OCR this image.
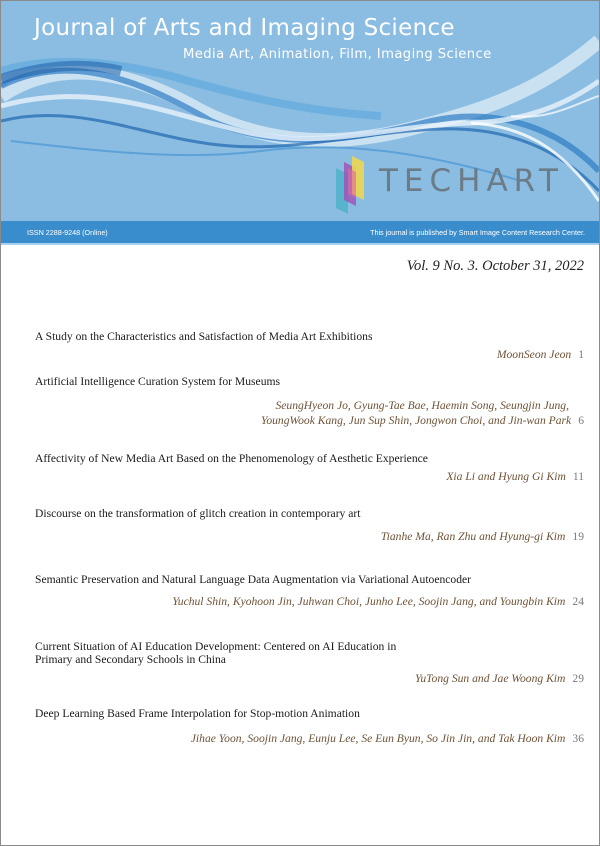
Journal of Arts and Imaging Science
Media Art, Animation, Film, Imaging Science
TECHART
ISSN 2288-9248 (Online)	This journal is published by Smart Image Content Research Center.
Vol. 9 No. 3. October 31, 2022
A Study on the Characteristics and Satisfaction of Media Art Exhibitions
MoonSeon Jeon 1
Artificial Intelligence Curation System for Museums
SeungHyeon Jo, Gyung-Tae Bae, Haemin Song, Seungjin Jung,
YoungWook Kang, Jun Sup Shin, Jongwon Choi, and Jin-wan Park 6
Affectivity of New Media Art Based on the Phenomenology of Aesthetic Experience
Xia Li and Hyung Gi Kim 11
Discourse on the transformation of glitch creation in contemporary art
Tianhe Ma, Ran Zhu and Hyung-gi Kim 19
Semantic Preservation and Natural Language Data Augmentation via Variational Autoencoder
Yuchul Shin, Kyohoon Jin, Juhwan Choi, Junho Lee, Soojin Jang, and Youngbin Kim 24
Current Situation of AI Education Development: Centered on AI Education in
Primary and Secondary Schools in China
YuTong Sun and Jae Woong Kim 29
Deep Learning Based Frame Interpolation for Stop-motion Animation
Jihae Yoon, Soojin Jang, Eunju Lee, Se Eun Byun, So Jin Jin, and Tak Hoon Kim 36
